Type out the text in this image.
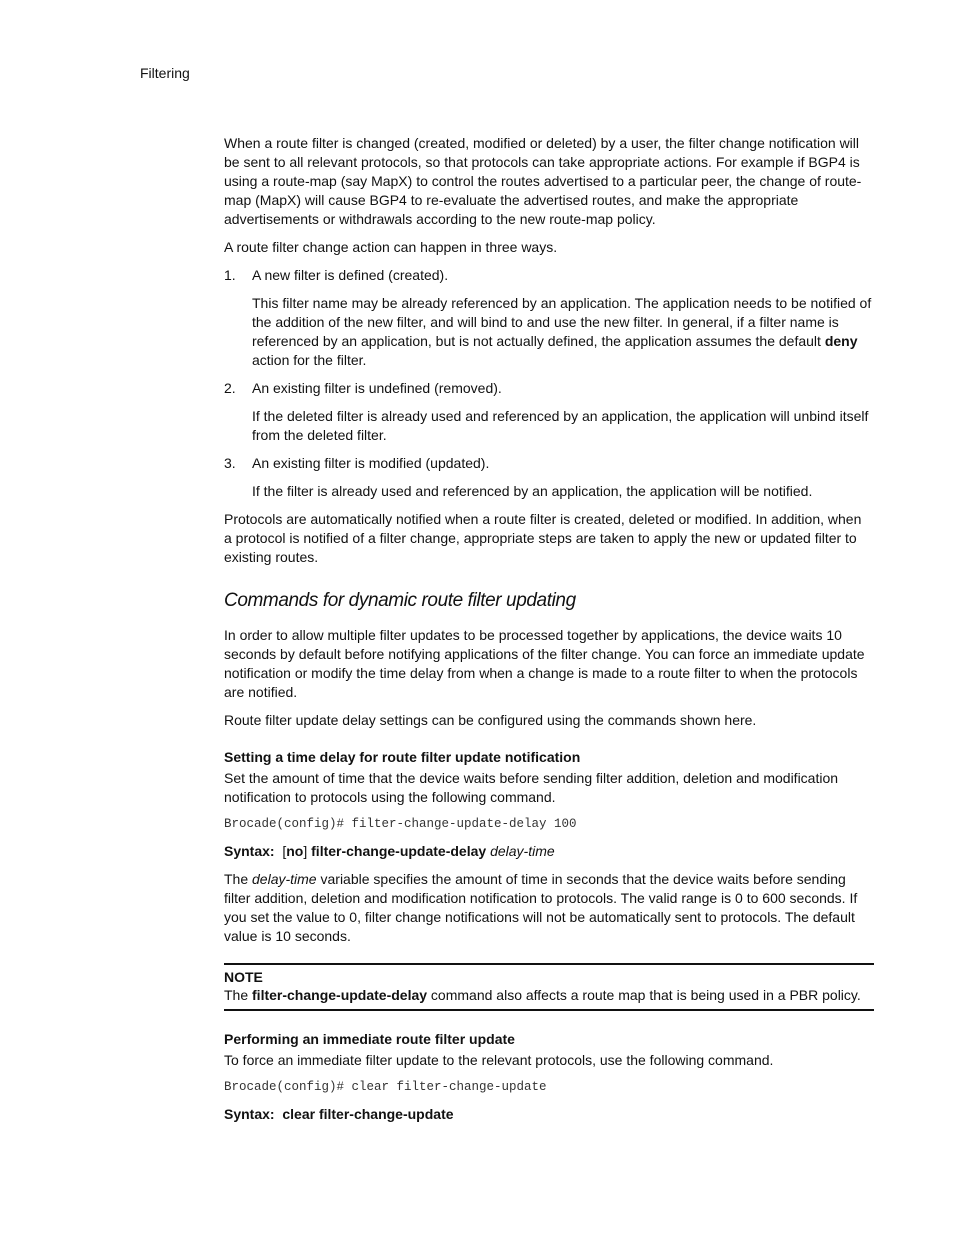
Filtering

When a route filter is changed (created, modified or deleted) by a user, the filter change notification will be sent to all relevant protocols, so that protocols can take appropriate actions. For example if BGP4 is using a route-map (say MapX) to control the routes advertised to a particular peer, the change of route-map (MapX) will cause BGP4 to re-evaluate the advertised routes, and make the appropriate advertisements or withdrawals according to the new route-map policy.

A route filter change action can happen in three ways.

1. A new filter is defined (created).

This filter name may be already referenced by an application. The application needs to be notified of the addition of the new filter, and will bind to and use the new filter. In general, if a filter name is referenced by an application, but is not actually defined, the application assumes the default deny action for the filter.

2. An existing filter is undefined (removed).

If the deleted filter is already used and referenced by an application, the application will unbind itself from the deleted filter.

3. An existing filter is modified (updated).

If the filter is already used and referenced by an application, the application will be notified.

Protocols are automatically notified when a route filter is created, deleted or modified. In addition, when a protocol is notified of a filter change, appropriate steps are taken to apply the new or updated filter to existing routes.

Commands for dynamic route filter updating

In order to allow multiple filter updates to be processed together by applications, the device waits 10 seconds by default before notifying applications of the filter change. You can force an immediate update notification or modify the time delay from when a change is made to a route filter to when the protocols are notified.

Route filter update delay settings can be configured using the commands shown here.

Setting a time delay for route filter update notification

Set the amount of time that the device waits before sending filter addition, deletion and modification notification to protocols using the following command.

Brocade(config)# filter-change-update-delay 100

Syntax: [no] filter-change-update-delay delay-time

The delay-time variable specifies the amount of time in seconds that the device waits before sending filter addition, deletion and modification notification to protocols. The valid range is 0 to 600 seconds. If you set the value to 0, filter change notifications will not be automatically sent to protocols. The default value is 10 seconds.

NOTE
The filter-change-update-delay command also affects a route map that is being used in a PBR policy.
Performing an immediate route filter update

To force an immediate filter update to the relevant protocols, use the following command.

Brocade(config)# clear filter-change-update

Syntax: clear filter-change-update
